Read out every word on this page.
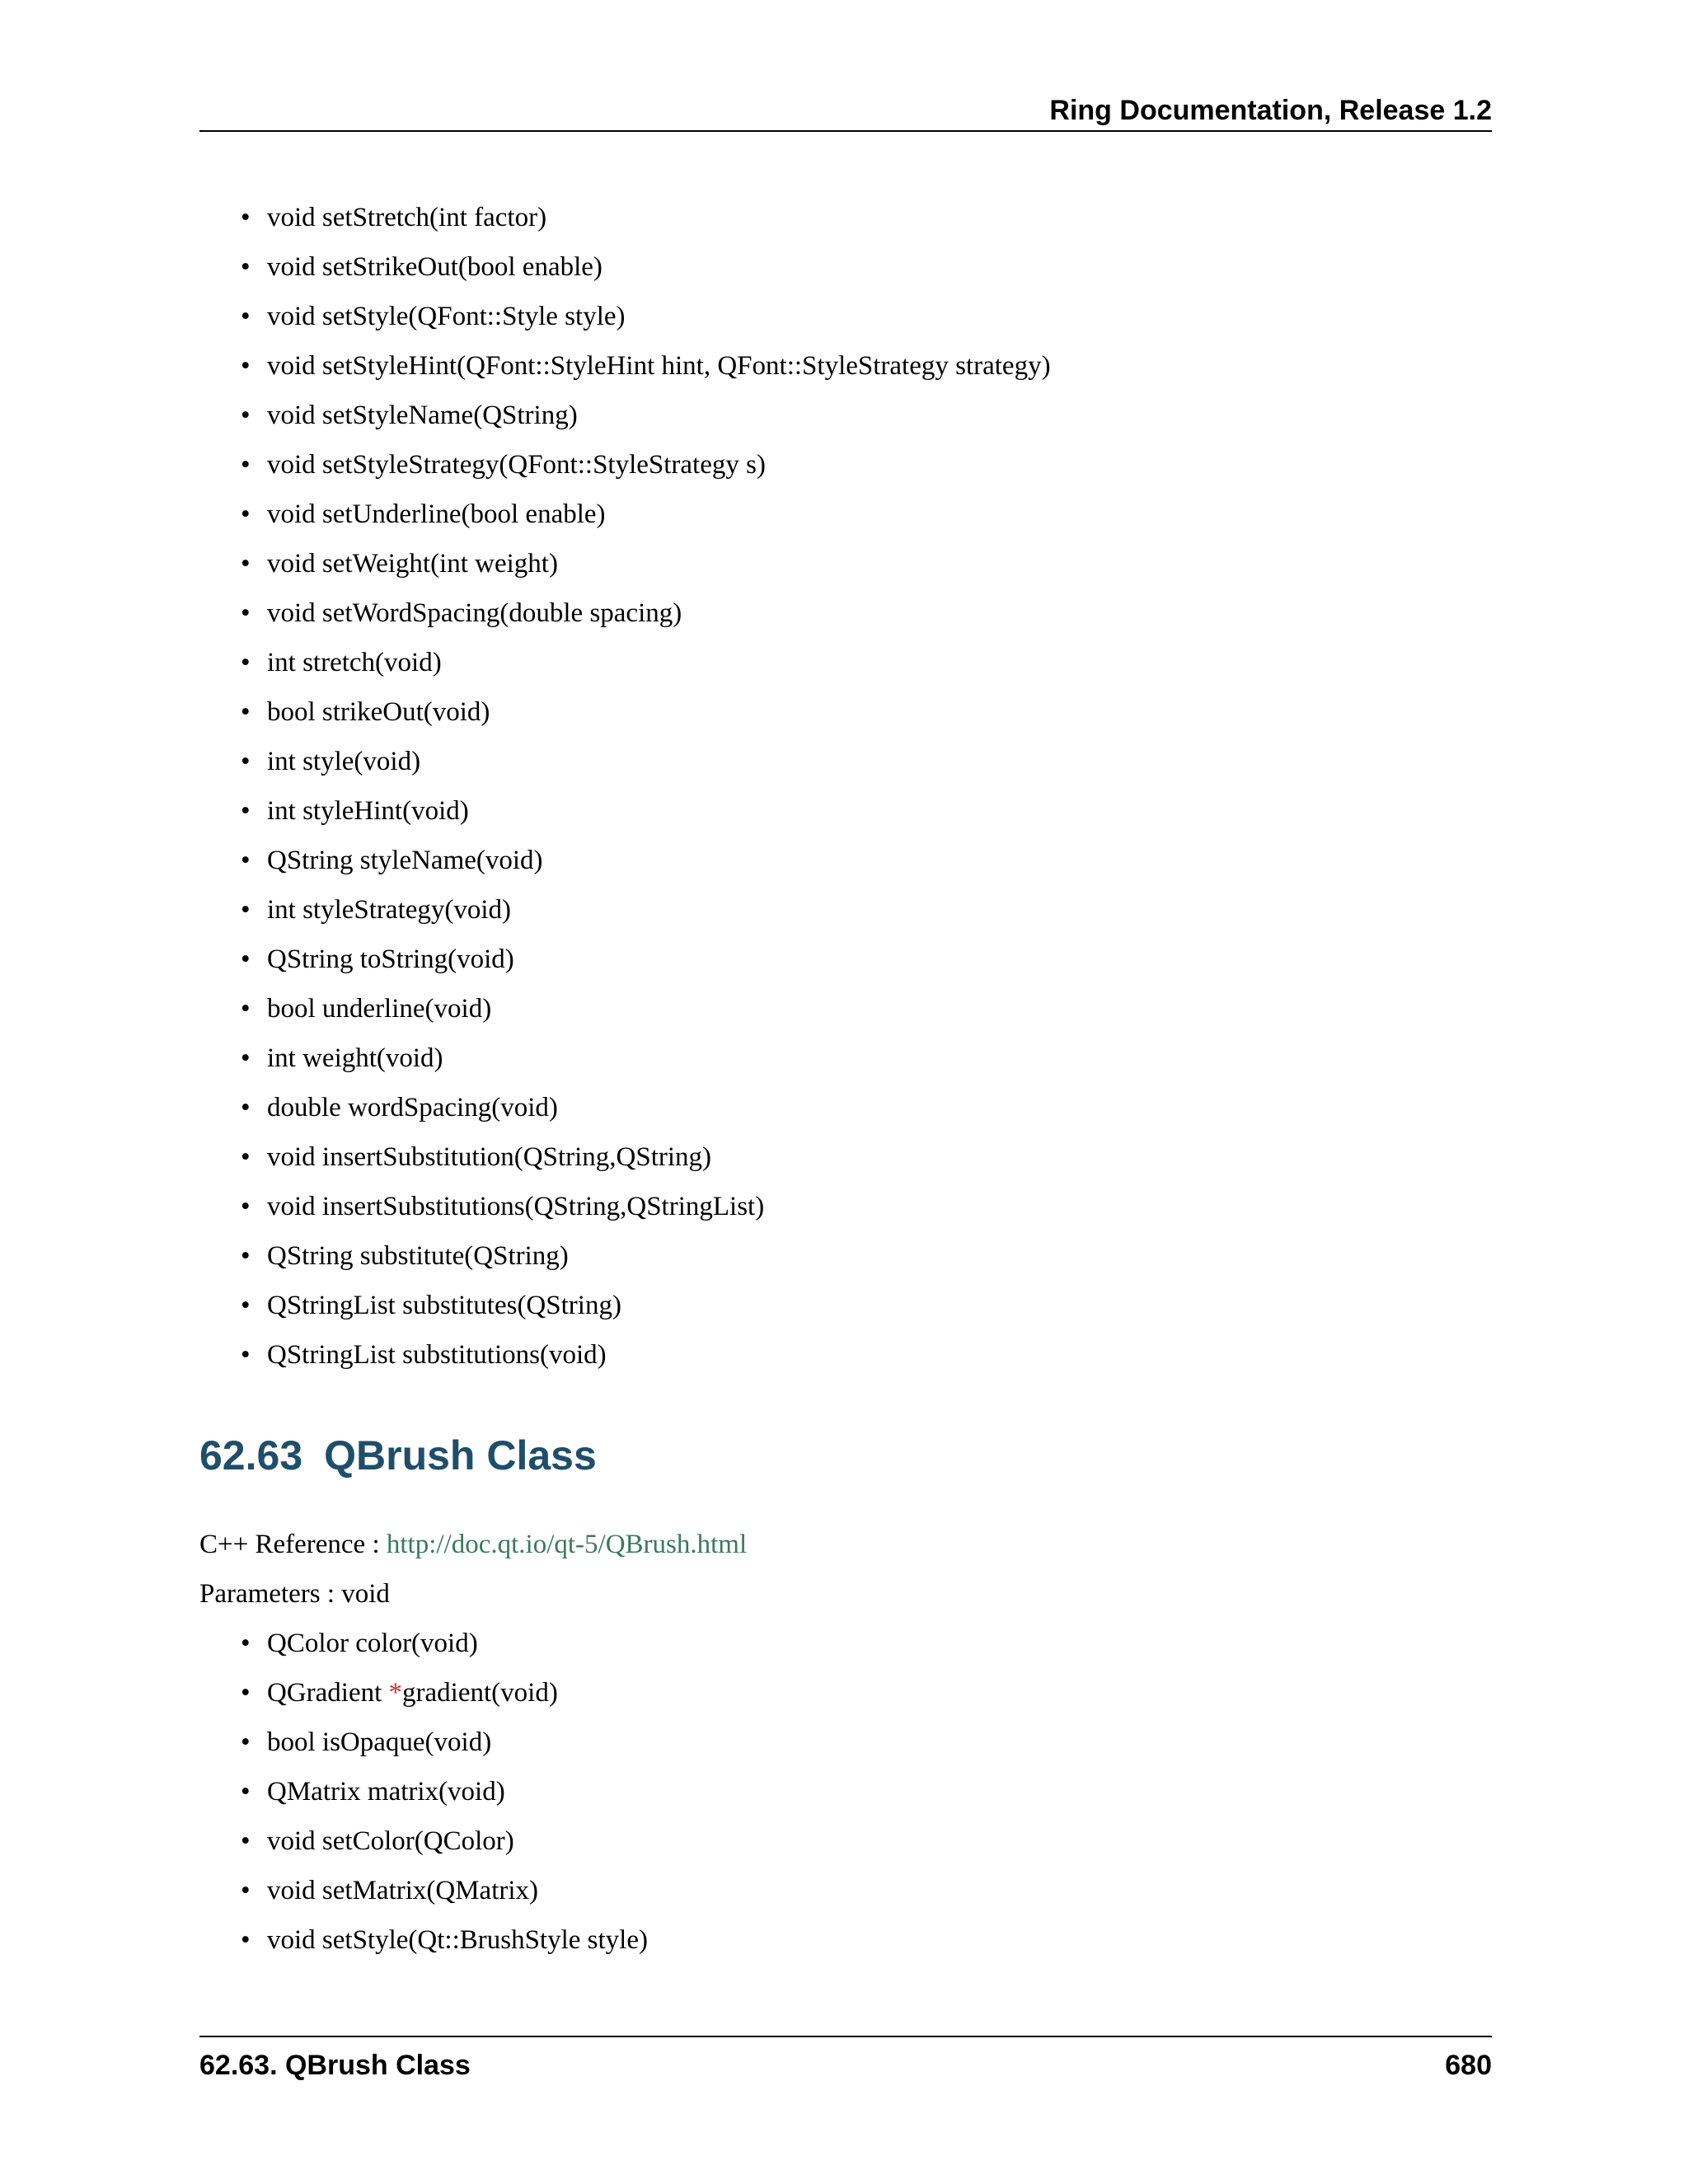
Ring Documentation, Release 1.2
• void setStretch(int factor)
• void setStrikeOut(bool enable)
• void setStyle(QFont::Style style)
• void setStyleHint(QFont::StyleHint hint, QFont::StyleStrategy strategy)
• void setStyleName(QString)
• void setStyleStrategy(QFont::StyleStrategy s)
• void setUnderline(bool enable)
• void setWeight(int weight)
• void setWordSpacing(double spacing)
• int stretch(void)
• bool strikeOut(void)
• int style(void)
• int styleHint(void)
• QString styleName(void)
• int styleStrategy(void)
• QString toString(void)
• bool underline(void)
• int weight(void)
• double wordSpacing(void)
• void insertSubstitution(QString,QString)
• void insertSubstitutions(QString,QStringList)
• QString substitute(QString)
• QStringList substitutes(QString)
• QStringList substitutions(void)
62.63 QBrush Class

C++ Reference : http://doc.qt.io/qt-5/QBrush.html

Parameters : void

• QColor color(void)
• QGradient *gradient(void)
• bool isOpaque(void)
• QMatrix matrix(void)
• void setColor(QColor)
• void setMatrix(QMatrix)
• void setStyle(Qt::BrushStyle style)
62.63. QBrush Class	680
